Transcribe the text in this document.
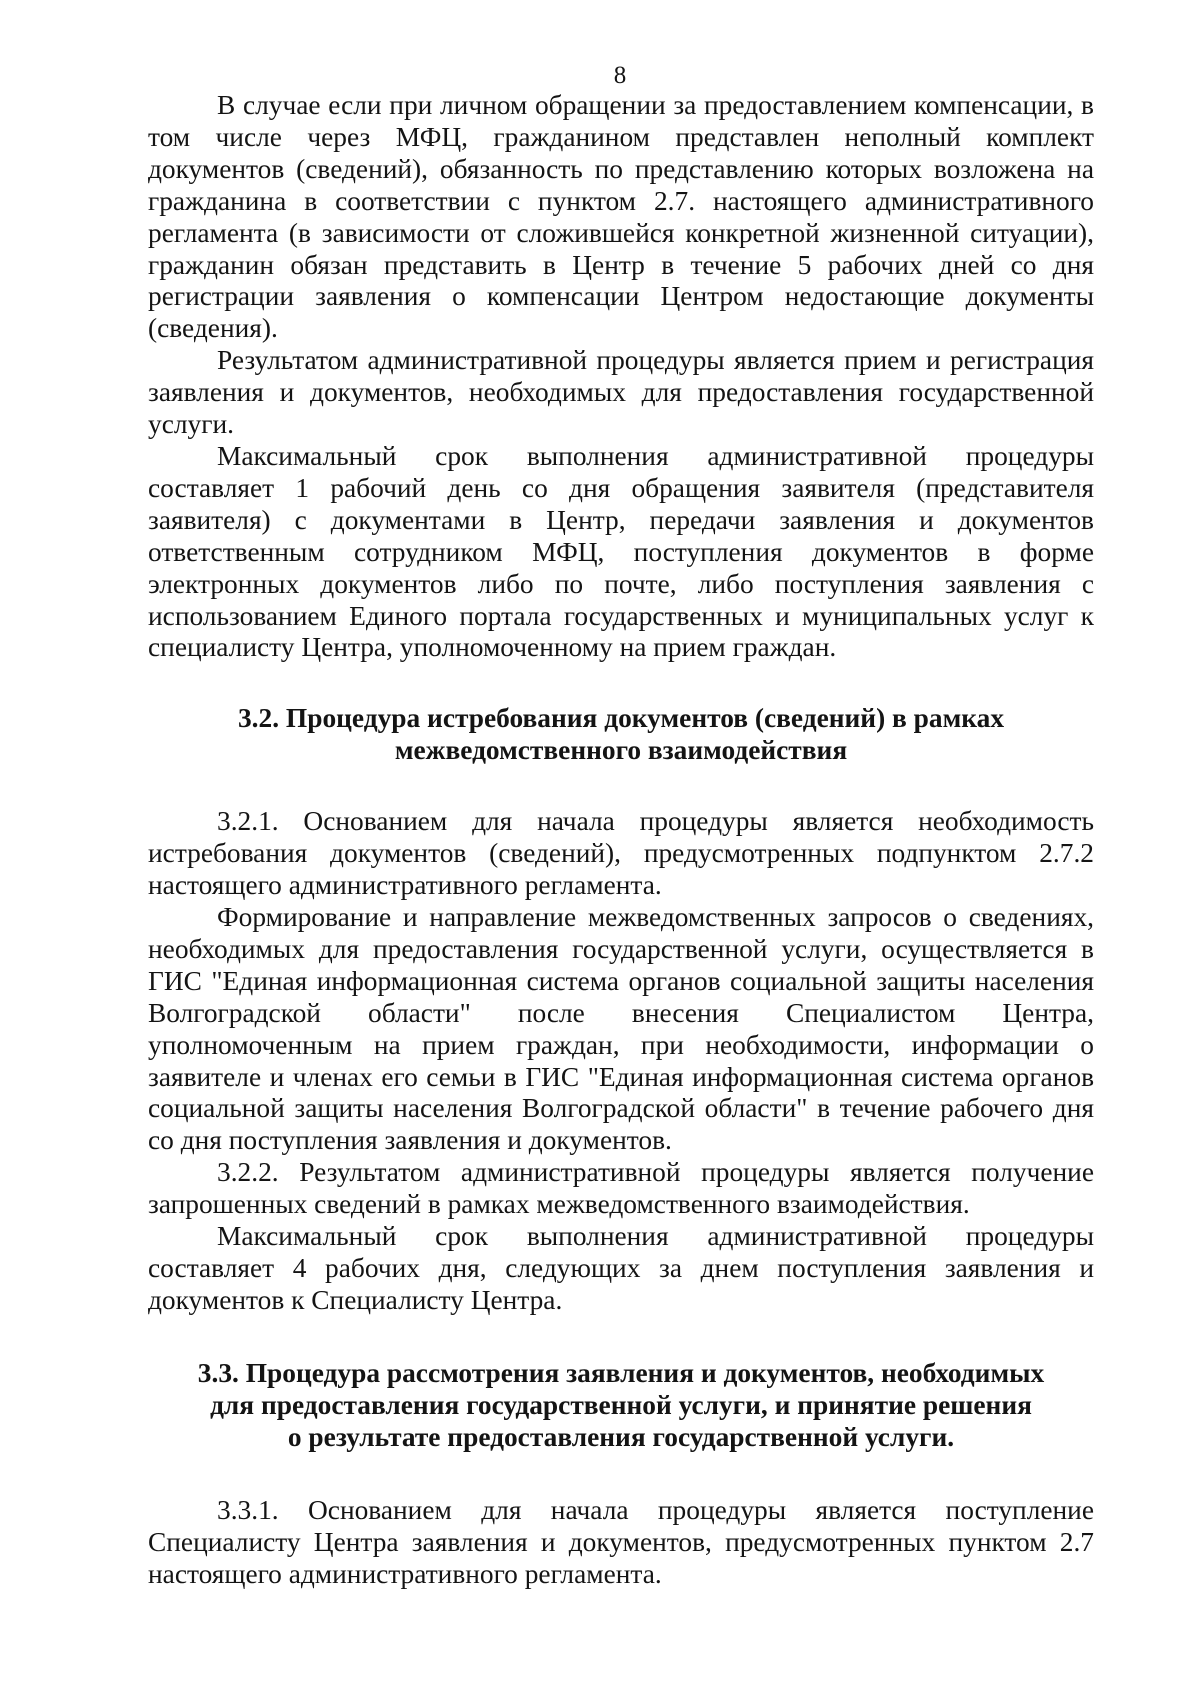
8

В случае если при личном обращении за предоставлением компенсации, в том числе через МФЦ, гражданином представлен неполный комплект документов (сведений), обязанность по представлению которых возложена на гражданина в соответствии с пунктом 2.7. настоящего административного регламента (в зависимости от сложившейся конкретной жизненной ситуации), гражданин обязан представить в Центр в течение 5 рабочих дней со дня регистрации заявления о компенсации Центром недостающие документы (сведения).

Результатом административной процедуры является прием и регистрация заявления и документов, необходимых для предоставления государственной услуги.

Максимальный срок выполнения административной процедуры составляет 1 рабочий день со дня обращения заявителя (представителя заявителя) с документами в Центр, передачи заявления и документов ответственным сотрудником МФЦ, поступления документов в форме электронных документов либо по почте, либо поступления заявления с использованием Единого портала государственных и муниципальных услуг к специалисту Центра, уполномоченному на прием граждан.

3.2. Процедура истребования документов (сведений) в рамках
межведомственного взаимодействия

3.2.1. Основанием для начала процедуры является необходимость истребования документов (сведений), предусмотренных подпунктом 2.7.2 настоящего административного регламента.

Формирование и направление межведомственных запросов о сведениях, необходимых для предоставления государственной услуги, осуществляется в ГИС "Единая информационная система органов социальной защиты населения Волгоградской области" после внесения Специалистом Центра, уполномоченным на прием граждан, при необходимости, информации о заявителе и членах его семьи в ГИС "Единая информационная система органов социальной защиты населения Волгоградской области" в течение рабочего дня со дня поступления заявления и документов.

3.2.2. Результатом административной процедуры является получение запрошенных сведений в рамках межведомственного взаимодействия.

Максимальный срок выполнения административной процедуры составляет 4 рабочих дня, следующих за днем поступления заявления и документов к Специалисту Центра.

3.3. Процедура рассмотрения заявления и документов, необходимых
для предоставления государственной услуги, и принятие решения
о результате предоставления государственной услуги.

3.3.1. Основанием для начала процедуры является поступление Специалисту Центра заявления и документов, предусмотренных пунктом 2.7 настоящего административного регламента.
